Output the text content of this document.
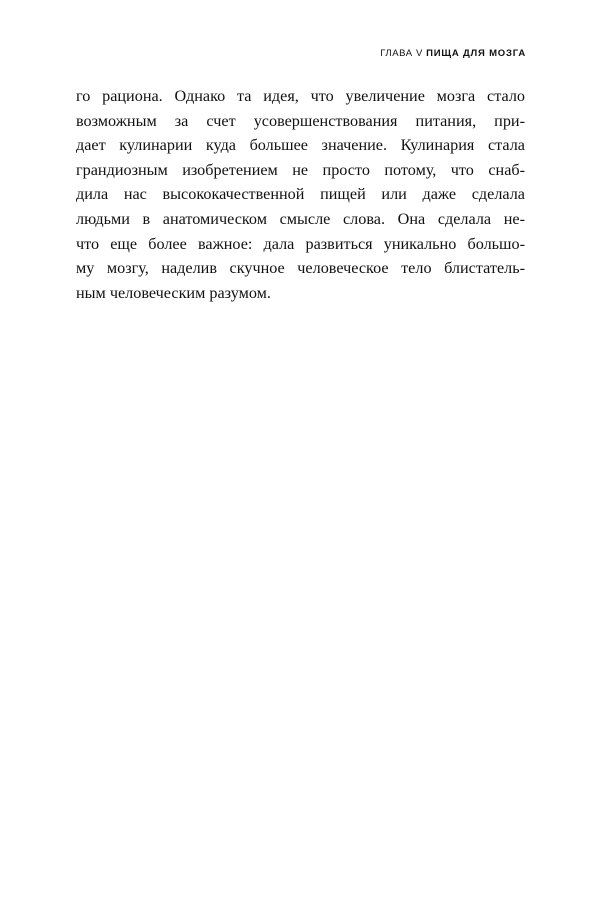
ГЛАВА V ПИЩА ДЛЯ МОЗГА
го рациона. Однако та идея, что увеличение мозга стало
возможным за счет усовершенствования питания, при-
дает кулинарии куда большее значение. Кулинария стала
грандиозным изобретением не просто потому, что снаб-
дила нас высококачественной пищей или даже сделала
людьми в анатомическом смысле слова. Она сделала не-
что еще более важное: дала развиться уникально большо-
му мозгу, наделив скучное человеческое тело блистатель-
ным человеческим разумом.
